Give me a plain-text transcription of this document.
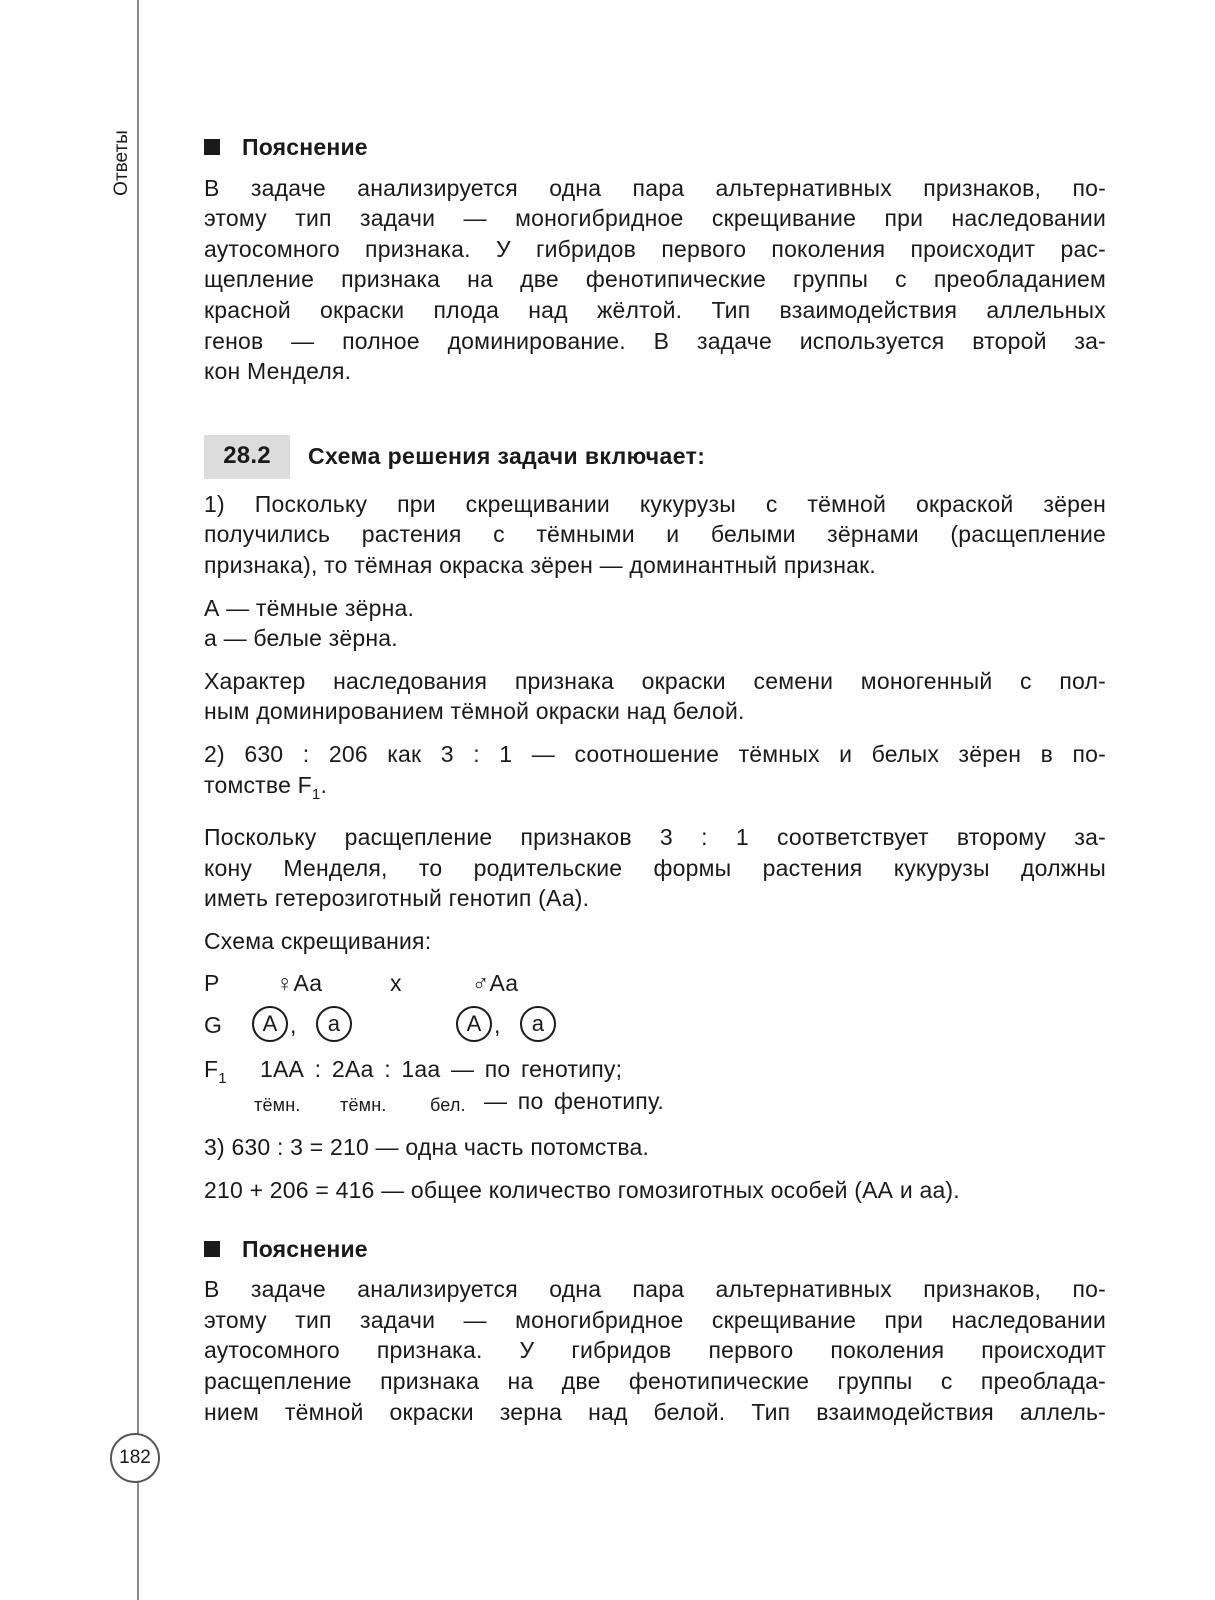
Ответы
182
Пояснение
В задаче анализируется одна пара альтернативных признаков, по-
этому тип задачи — моногибридное скрещивание при наследовании
аутосомного признака. У гибридов первого поколения происходит рас-
щепление признака на две фенотипические группы с преобладанием
красной окраски плода над жёлтой. Тип взаимодействия аллельных
генов — полное доминирование. В задаче используется второй за-
кон Менделя.
28.2	Схема решения задачи включает:
1) Поскольку при скрещивании кукурузы с тёмной окраской зёрен
получились растения с тёмными и белыми зёрнами (расщепление
признака), то тёмная окраска зёрен — доминантный признак.
А — тёмные зёрна.
а — белые зёрна.
Характер наследования признака окраски семени моногенный с пол-
ным доминированием тёмной окраски над белой.
2) 630 : 206 как 3 : 1 — соотношение тёмных и белых зёрен в по-
томстве $F_1$.
Поскольку расщепление признаков 3 : 1 соответствует второму за-
кону Менделя, то родительские формы растения кукурузы должны
иметь гетерозиготный генотип (Аа).
Схема скрещивания:
P ♀Аа	х	♂Аа
G	А ,	а	А ,	а
$F_1$ 1АА : 2Аа : 1аа — по генотипу;
тёмн. тёмн. бел. — по фенотипу.
3) 630 : 3 = 210 — одна часть потомства.
210 + 206 = 416 — общее количество гомозиготных особей (АА и аа).
Пояснение
В задаче анализируется одна пара альтернативных признаков, по-
этому тип задачи — моногибридное скрещивание при наследовании
аутосомного признака. У гибридов первого поколения происходит
расщепление признака на две фенотипические группы с преоблада-
нием тёмной окраски зерна над белой. Тип взаимодействия аллель-
